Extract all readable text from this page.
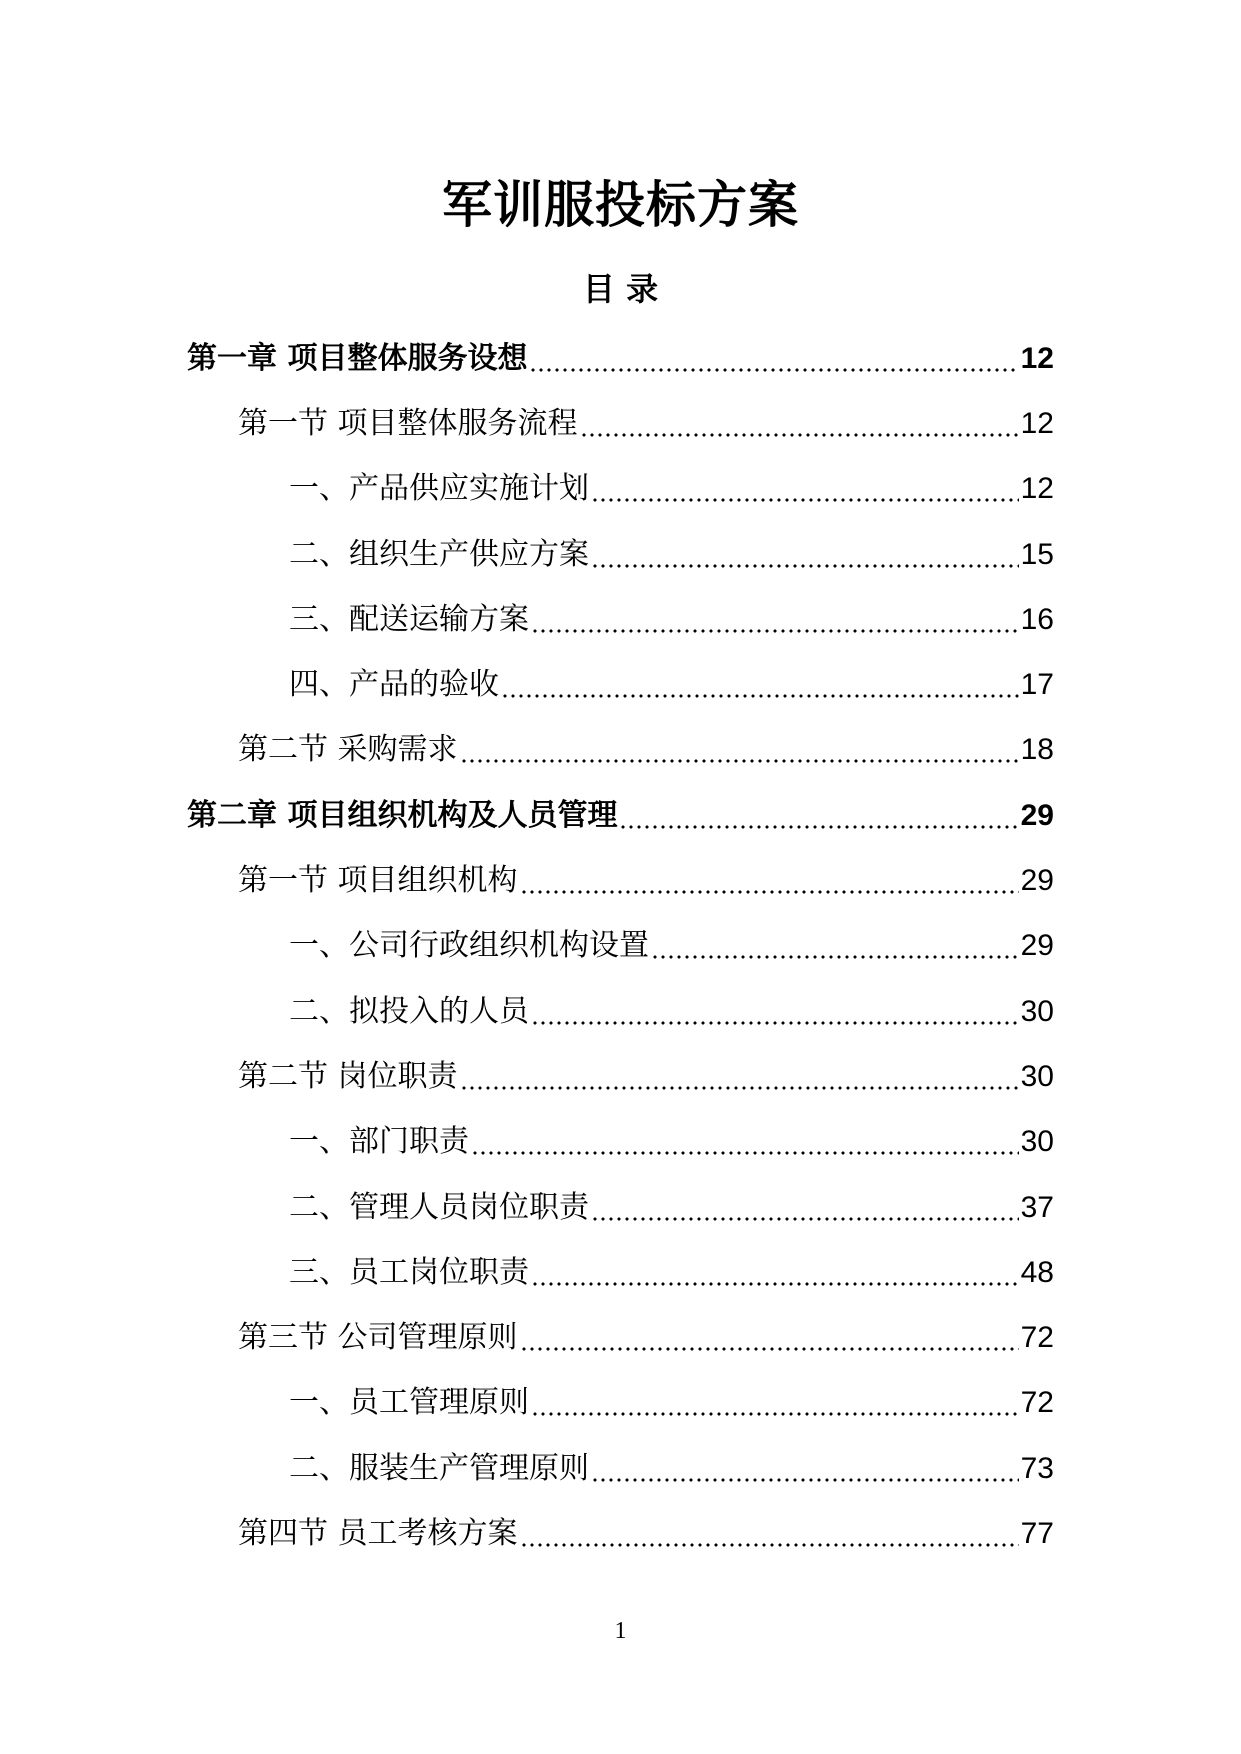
军训服投标方案
目 录
第一章 项目整体服务设想	12
第一节 项目整体服务流程	12
一、产品供应实施计划	12
二、组织生产供应方案	15
三、配送运输方案	16
四、产品的验收	17
第二节 采购需求	18
第二章 项目组织机构及人员管理	29
第一节 项目组织机构	29
一、公司行政组织机构设置	29
二、拟投入的人员	30
第二节 岗位职责	30
一、部门职责	30
二、管理人员岗位职责	37
三、员工岗位职责	48
第三节 公司管理原则	72
一、员工管理原则	72
二、服装生产管理原则	73
第四节 员工考核方案	77
1
